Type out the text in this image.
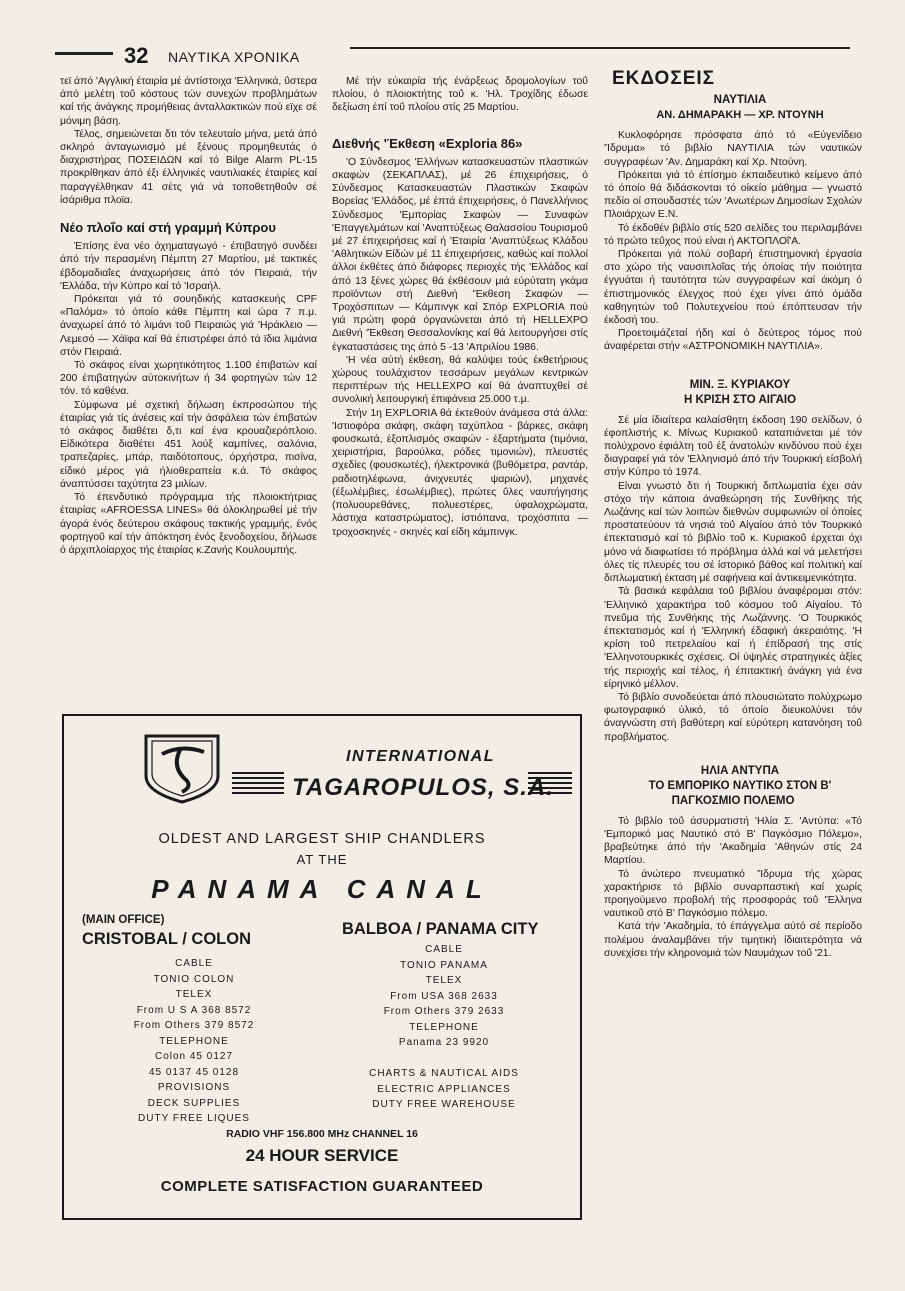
32 ΝΑΥΤΙΚΑ ΧΡΟΝΙΚΑ

τεϊ άπό 'Αγγλική έταιρία μέ άντίστοιχα 'Ελληνικά, ΰστερα άπό μελέτη τοΰ κόστους τών συνεχών προβλημάτων καί τής άνάγκης προμήθειας άνταλλακτικών πού εϊχε σέ μόνιμη βάση.

Τέλος, σημειώνεται δτι τόν τελευταίο μήνα, μετά άπό σκληρό άνταγωνισμό μέ ξένους προμηθευτάς ό διαχριστήρας ΠΟΣΕΙΔΩΝ καί τό Bilge Alarm PL-15 προκρίθηκαν άπό έξι έλληνικές ναυτιλιακές έταιρίες καί παραγγέλθηκαν 41 σέτς γιά νά τοποθετηθοΰν σέ ίσάριθμα πλοϊα.

Νέο πλοΐο καί στή γραμμή Κύπρου

Έπίσης ένα νέο όχηματαγωγό - έπιβατηγό συνδέει άπό τήν περασμένη Πέμπτη 27 Μαρτίου, μέ τακτικές έβδομαδιαΐες άναχωρήσεις άπό τόν Πειραιά, τήν 'Ελλάδα, τήν Κύπρο καί τό 'Ισραήλ.

Πρόκειται γιά τό σουηδικής κατασκευής CPF «Παλόμα» τό όποίο κάθε Πέμπτη καί ώρα 7 π.μ. άναχωρεί άπό τό λιμάνι τοΰ Πειραιώς γιά 'Ηράκλειο — Λεμεσό — Χάϊφα καί θά έπιστρέφει άπό τά ϊδια λιμάνια στόν Πειραιά.

Τό σκάφος είναι χωρητικότητος 1.100 έπιβατών καί 200 έπιβατηγών αύτοκινήτων ή 34 φορτηγών τών 12 τόν. τό καθένα.

Σύμφωνα μέ σχετική δήλωση έκπροσώπου τής έταιρίας γιά τίς άνέσεις καί τήν άσφάλεια τών έπιβατών τό σκάφος διαθέτει δ,τι καί ένα κρουαζιερόπλοιο. Είδικότερα διαθέτει 451 λούξ καμπίνες, σαλόνια, τραπεζαρίες, μπάρ, παιδότοπους, όρχήστρα, πισίνα, είδικό μέρος γιά ήλιοθεραπεία κ.ά. Τό σκάφος άναπτύσσει ταχύτητα 23 μιλίων.

Τό έπενδυτικό πρόγραμμα τής πλοιοκτήτριας έταιρίας «AFROESSA LINES» θά όλοκληρωθεί μέ τήν άγορά ένός δεύτερου σκάφους τακτικής γραμμής, ένός φορτηγοΰ καί τήν άπόκτηση ένός ξενοδοχείου, δήλωσε ό άρχιπλοίαρχος τής έταιρίας κ.Ζανής Κουλουμπής.

Μέ τήν εύκαιρία τής ένάρξεως δρομολογίων τοΰ πλοίου, ό πλοιοκτήτης τοΰ κ. 'Ηλ. Τροχίδης έδωσε δεξίωση έπί τοΰ πλοίου στίς 25 Μαρτίου.

Διεθνής 'Έκθεση «Exploria 86»

'Ο Σύνδεσμος 'Ελλήνων κατασκευαστών πλαστικών σκαφών (ΣΕΚΑΠΛΑΣ), μέ 26 έπιχειρήσεις, ό Σύνδεσμος Κατασκευαστών Πλαστικών Σκαφών Βορείας 'Ελλάδος, μέ έπτά έπιχειρήσεις, ό Πανελλήνιος Σύνδεσμος 'Εμπορίας Σκαφών — Συναφών 'Επαγγελμάτων καί 'Αναπτύξεως Θαλασσίου Τουρισμοΰ μέ 27 έπιχειρήσεις καί ή 'Εταιρία 'Αναπτύξεως Κλάδου 'Αθλητικών Είδών μέ 11 έπιχειρήσεις, καθώς καί πολλοί άλλοι έκθέτες άπό διάφορες περιοχές τής 'Ελλάδος καί άπό 13 ξένες χώρες θά έκθέσουν μιά εύρύτατη γκάμα προϊόντων στή Διεθνή 'Έκθεση Σκαφών — Τροχόσπιτων — Κάμπινγκ καί Σπόρ EXPLORIA πού γιά πρώτη φορά όργανώνεται άπό τή HELLEXPO Διεθνή 'Έκθεση Θεσσαλονίκης καί θά λειτουργήσει στίς έγκαταστάσεις της άπό 5 -13 'Απριλίου 1986.

'Η νέα αύτή έκθεση, θά καλύψει τούς έκθετήριους χώρους τουλάχιστον τεσσάρων μεγάλων κεντρικών περιπτέρων τής HELLEXPO καί θά άναπτυχθεί σέ συνολική λειτουργική έπιφάνεια 25.000 τ.μ.

Στήν 1η EXPLORIA θά έκτεθούν άνάμεσα στά άλλα: 'Ιστιοφόρα σκάφη, σκάφη ταχύπλοα - βάρκες, σκάφη φουσκωτά, έξοπλισμός σκαφών - έξαρτήματα (τιμόνια, χειριστήρια, βαρούλκα, ρόδες τιμονιών), πλευστές σχεδίες (φουσκωτές), ήλεκτρονικά (βυθόμετρα, ραντάρ, ραδιοτηλέφωνα, άνιχνευτές ψαριών), μηχανές (έξωλέμβιες, έσωλέμβιες), πρώτες ΰλες ναυπήγησης (πολυουρεθάνες, πολυεστέρες, ύφαλοχρώματα, λάστιχα καταστρώματος), ίστιόπανα, τροχόσπιτα — τροχοσκηνές - σκηνές καί είδη κάμπινγκ.

ΕΚΔΟΣΕΙΣ

ΝΑΥΤΙΛΙΑ

ΑΝ. ΔΗΜΑΡΑΚΗ — ΧΡ. ΝΤΟΥΝΗ

Κυκλοφόρησε πρόσφατα άπό τό «Εύγενίδειο 'Ίδρυμα» τό βιβλίο ΝΑΥΤΙΛΙΑ τών ναυτικών συγγραφέων 'Αν. Δημαράκη καί Χρ. Ντούνη.

Πρόκειται γιά τό έπίσημο έκπαιδευτικό κείμενο άπό τό όποίο θά διδάσκονται τό οίκείο μάθημα — γνωστό πεδίο οί σπουδαστές τών 'Ανωτέρων Δημοσίων Σχολών Πλοιάρχων Ε.Ν.

Τό έκδοθέν βιβλίο στίς 520 σελίδες του περιλαμβάνει τό πρώτο τεΰχος πού είναι ή ΑΚΤΟΠΛΟΐ'Α.

Πρόκειται γιά πολύ σοβαρή έπιστημονική έργασία στο χώρο τής ναυσιπλοΐας τής όποίας τήν ποιότητα έγγυάται ή ταυτότητα τών συγγραφέων καί άκόμη ό έπιστημονικός έλεγχος πού έχει γίνει άπό όμάδα καθηγητών τοΰ Πολυτεχνείου πού έπόπτευσαν τήν έκδοσή του.

Προετοιμάζεταί ήδη καί ό δεύτερος τόμος πού άναφέρεται στήν «ΑΣΤΡΟΝΟΜΙΚΗ ΝΑΥΤΙΛΙΑ».

ΜΙΝ. Ξ. ΚΥΡΙΑΚΟΥ

Η ΚΡΙΣΗ ΣΤΟ ΑΙΓΑΙΟ

Σέ μία ίδιαίτερα καλαίσθητη έκδοση 190 σελίδων, ό έφοπλιστής κ. Μίνως Κυριακοΰ καταπιάνεται μέ τόν πολύχρονο έφιάλτη τοΰ έξ άνατολών κινδύνου πού έχει διαγραφεί γιά τόν 'Ελληνισμό άπό τήν Τουρκική είσβολή στήν Κύπρο τό 1974.

Είναι γνωστό δτι ή Τουρκική διπλωματία έχει σάν στόχο τήν κάποια άναθεώρηση τής Συνθήκης τής Λωζάνης καί τών λοιπών διεθνών συμφωνιών οί όποίες προστατεύουν τά νησιά τοΰ Αίγαίου άπό τόν Τουρκικό έπεκτατισμό καί τό βιβλίο τοΰ κ. Κυριακοΰ έρχεται όχι μόνο νά διαφωτίσει τό πρόβλημα άλλά καί νά μελετήσει όλες τίς πλευρές του σέ ίστορικό βάθος καί πολιτική καί διπλωματική έκταση μέ σαφήνεια καί άντικειμενικότητα.

Τά βασικά κεφάλαια τοΰ βιβλίου άναφέρομαι στόν: 'Ελληνικό χαρακτήρα τοΰ κόσμου τοΰ Αίγαίου. Τό πνεΰμα τής Συνθήκης τής Λωζάννης. 'Ο Τουρκικός έπεκτατισμός καί ή 'Ελληνική έδαφική άκεραιότης. 'Η κρίση τοΰ πετρελαίου καί ή έπίδρασή της στίς 'Ελληνοτουρκικές σχέσεις. Οί ύψηλές στρατηγικές άξίες τής περιοχής καί τέλος, ή έπιτακτική άνάγκη γιά ένα είρηνικό μέλλον.

Τό βιβλίο συνοδεύεται άπό πλουσιώτατο πολύχρωμο φωτογραφικό ύλικό, τό όποίο διευκολύνει τόν άναγνώστη στή βαθύτερη καί εύρύτερη κατανόηση τοΰ προβλήματος.

ΗΛΙΑ ΑΝΤΥΠΑ

ΤΟ ΕΜΠΟΡΙΚΟ ΝΑΥΤΙΚΟ ΣΤΟΝ Β' ΠΑΓΚΟΣΜΙΟ ΠΟΛΕΜΟ

Τό βιβλίο τοΰ άσυρματιστή 'Ηλία Σ. 'Αντύπα: «Τό 'Εμπορικό μας Ναυτικό στό Β' Παγκόσμιο Πόλεμο», βραβεύτηκε άπό τήν 'Ακαδημία 'Αθηνών στίς 24 Μαρτίου.

Τό άνώτερο πνευματικό 'Ίδρυμα τής χώρας χαρακτήρισε τό βιβλίο συναρπαστική καί χωρίς προηγούμενο προβολή τής προσφοράς τοΰ 'Έλληνα ναυτικοΰ στό Β' Παγκόσμιο πόλεμο.

Κατά τήν 'Ακαδημία, τό έπάγγελμα αύτό σέ περίοδο πολέμου άναλαμβάνει τήν τιμητική ίδιαιτερότητα νά συνεχίσει τήν κληρονομιά τών Ναυμάχων τοΰ '21.

INTERNATIONAL
TAGAROPULOS, S.A.
OLDEST AND LARGEST SHIP CHANDLERS
AT THE
PANAMA CANAL
(MAIN OFFICE)
CRISTOBAL / COLON
BALBOA / PANAMA CITY
CABLE
TONIO COLON
TELEX
From U S A 368 8572
From Others 379 8572
TELEPHONE
Colon 45 0127
45 0137 45 0128
PROVISIONS
DECK SUPPLIES
DUTY FREE LIQUES
CABLE
TONIO PANAMA
TELEX
From USA 368 2633
From Others 379 2633
TELEPHONE
Panama 23 9920
CHARTS & NAUTICAL AIDS
ELECTRIC APPLIANCES
DUTY FREE WAREHOUSE
RADIO VHF 156.800 MHz CHANNEL 16
24 HOUR SERVICE
COMPLETE SATISFACTION GUARANTEED
